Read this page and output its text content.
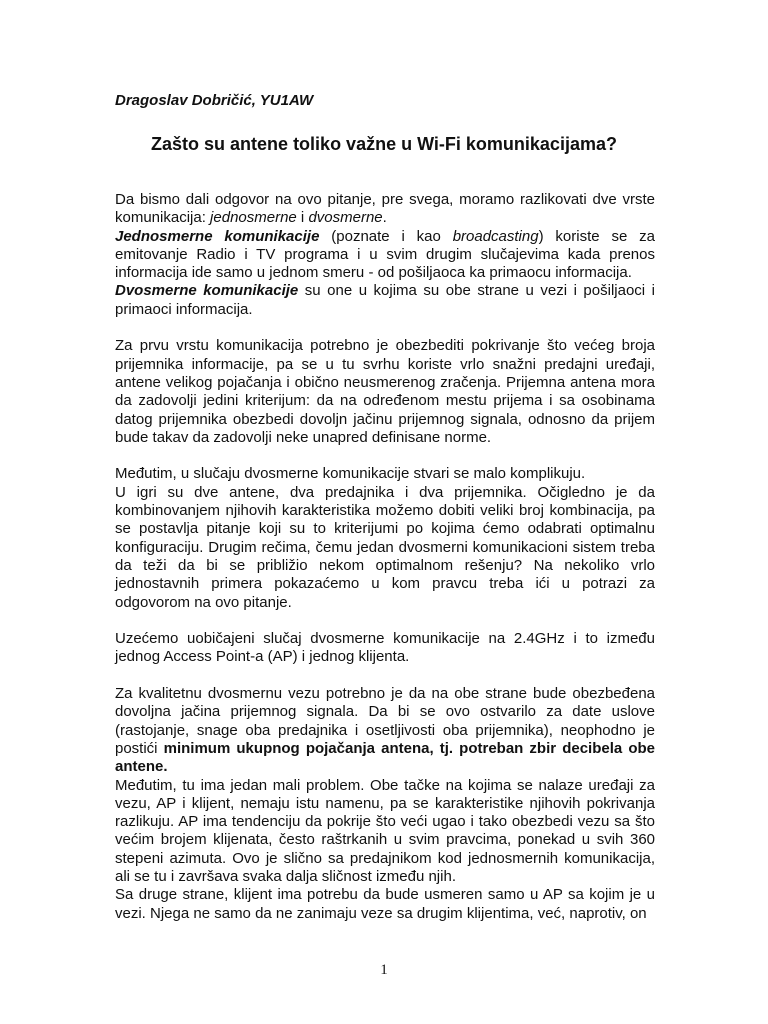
Dragoslav Dobričić, YU1AW
Zašto su antene toliko važne u Wi-Fi komunikacijama?

Da bismo dali odgovor na ovo pitanje, pre svega, moramo razlikovati dve vrste komunikacija: jednosmerne i dvosmerne.

Jednosmerne komunikacije (poznate i kao broadcasting) koriste se za emitovanje Radio i TV programa i u svim drugim slučajevima kada prenos informacija ide samo u jednom smeru - od pošiljaoca ka primaocu informacija.

Dvosmerne komunikacije su one u kojima su obe strane u vezi i pošiljaoci i primaoci informacija.

Za prvu vrstu komunikacija potrebno je obezbediti pokrivanje što većeg broja prijemnika informacije, pa se u tu svrhu koriste vrlo snažni predajni uređaji, antene velikog pojačanja i obično neusmerenog zračenja. Prijemna antena mora da zadovolji jedini kriterijum: da na određenom mestu prijema i sa osobinama datog prijemnika obezbedi dovoljn jačinu prijemnog signala, odnosno da prijem bude takav da zadovolji neke unapred definisane norme.

Međutim, u slučaju dvosmerne komunikacije stvari se malo komplikuju.

U igri su dve antene, dva predajnika i dva prijemnika. Očigledno je da kombinovanjem njihovih karakteristika možemo dobiti veliki broj kombinacija, pa se postavlja pitanje koji su to kriterijumi po kojima ćemo odabrati optimalnu konfiguraciju. Drugim rečima, čemu jedan dvosmerni komunikacioni sistem treba da teži da bi se približio nekom optimalnom rešenju? Na nekoliko vrlo jednostavnih primera pokazaćemo u kom pravcu treba ići u potrazi za odgovorom na ovo pitanje.

Uzećemo uobičajeni slučaj dvosmerne komunikacije na 2.4GHz i to između jednog Access Point-a (AP) i jednog klijenta.

Za kvalitetnu dvosmernu vezu potrebno je da na obe strane bude obezbeđena dovoljna jačina prijemnog signala. Da bi se ovo ostvarilo za date uslove (rastojanje, snage oba predajnika i osetljivosti oba prijemnika), neophodno je postići minimum ukupnog pojačanja antena, tj. potreban zbir decibela obe antene.

Međutim, tu ima jedan mali problem. Obe tačke na kojima se nalaze uređaji za vezu, AP i klijent, nemaju istu namenu, pa se karakteristike njihovih pokrivanja razlikuju. AP ima tendenciju da pokrije što veći ugao i tako obezbedi vezu sa što većim brojem klijenata, često raštrkanih u svim pravcima, ponekad u svih 360 stepeni azimuta. Ovo je slično sa predajnikom kod jednosmernih komunikacija, ali se tu i završava svaka dalja sličnost između njih.

Sa druge strane, klijent ima potrebu da bude usmeren samo u AP sa kojim je u vezi. Njega ne samo da ne zanimaju veze sa drugim klijentima, već, naprotiv, on

1
